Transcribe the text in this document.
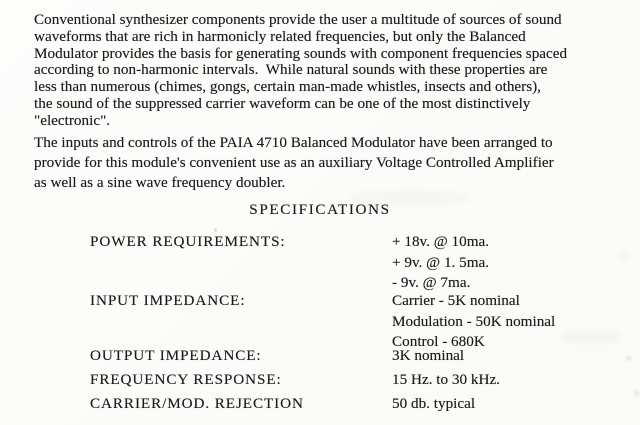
Conventional synthesizer components provide the user a multitude of sources of sound
waveforms that are rich in harmonicly related frequencies, but only the Balanced
Modulator provides the basis for generating sounds with component frequencies spaced
according to non-harmonic intervals.  While natural sounds with these properties are
less than numerous (chimes, gongs, certain man-made whistles, insects and others),
the sound of the suppressed carrier waveform can be one of the most distinctively
"electronic".
The inputs and controls of the PAIA 4710 Balanced Modulator have been arranged to
provide for this module's convenient use as an auxiliary Voltage Controlled Amplifier
as well as a sine wave frequency doubler.
SPECIFICATIONS
POWER REQUIREMENTS:	+ 18v. @ 10ma.
+ 9v. @ 1. 5ma.
- 9v. @ 7ma.
INPUT IMPEDANCE:	Carrier - 5K nominal
Modulation - 50K nominal
Control - 680K
OUTPUT IMPEDANCE:	3K nominal
FREQUENCY RESPONSE:	15 Hz. to 30 kHz.
CARRIER/MOD. REJECTION	50 db. typical
